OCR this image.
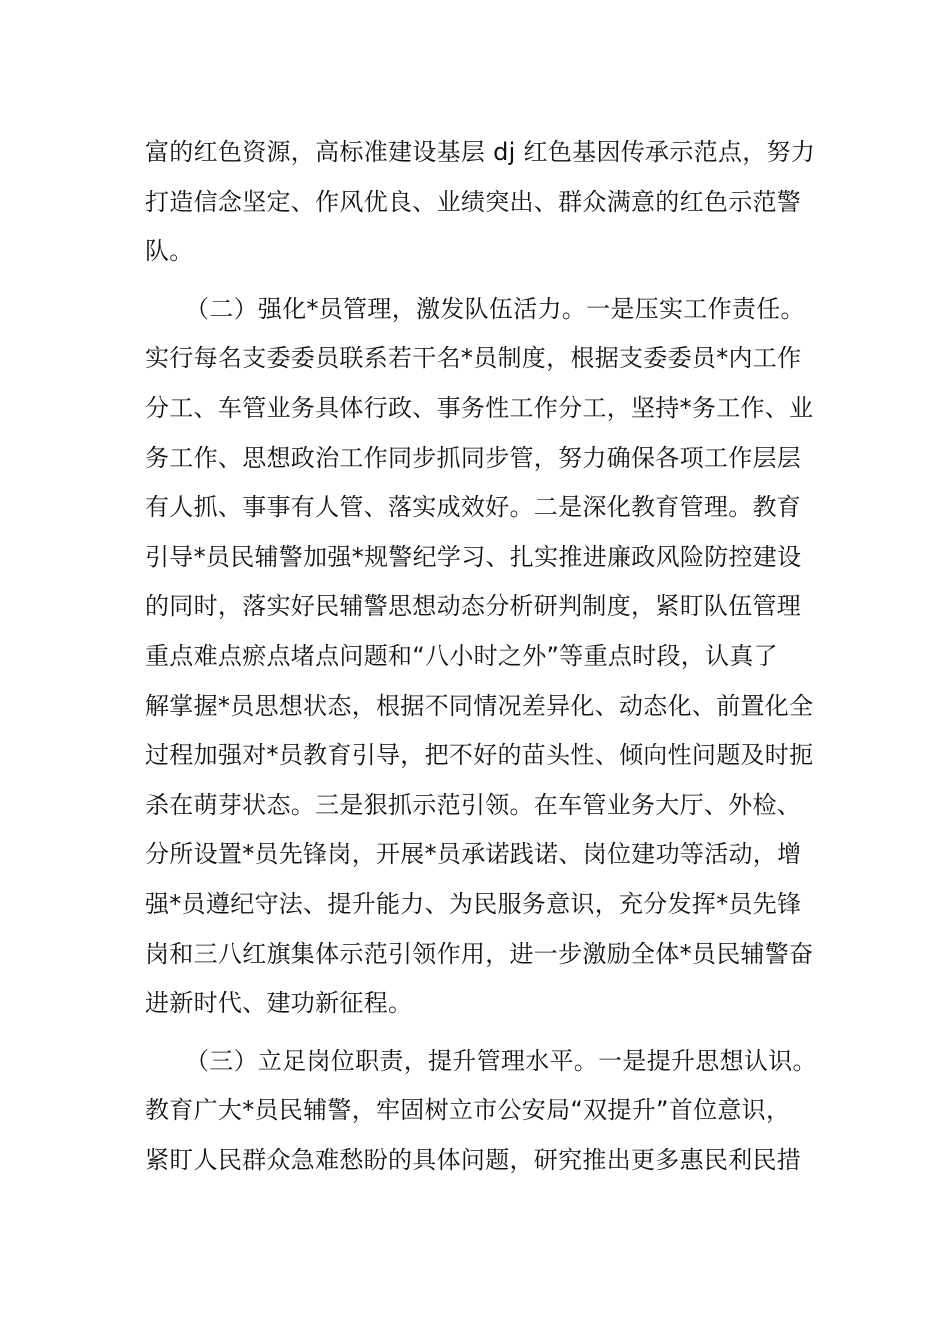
富的红色资源，高标准建设基层 dj 红色基因传承示范点，努力
打造信念坚定、作风优良、业绩突出、群众满意的红色示范警
队。
（二）强化*员管理，激发队伍活力。一是压实工作责任。
实行每名支委委员联系若干名*员制度，根据支委委员*内工作
分工、车管业务具体行政、事务性工作分工，坚持*务工作、业
务工作、思想政治工作同步抓同步管，努力确保各项工作层层
有人抓、事事有人管、落实成效好。二是深化教育管理。教育
引导*员民辅警加强*规警纪学习、扎实推进廉政风险防控建设
的同时，落实好民辅警思想动态分析研判制度，紧盯队伍管理
重点难点瘀点堵点问题和“八小时之外”等重点时段，认真了
解掌握*员思想状态，根据不同情况差异化、动态化、前置化全
过程加强对*员教育引导，把不好的苗头性、倾向性问题及时扼
杀在萌芽状态。三是狠抓示范引领。在车管业务大厅、外检、
分所设置*员先锋岗，开展*员承诺践诺、岗位建功等活动，增
强*员遵纪守法、提升能力、为民服务意识，充分发挥*员先锋
岗和三八红旗集体示范引领作用，进一步激励全体*员民辅警奋
进新时代、建功新征程。
（三）立足岗位职责，提升管理水平。一是提升思想认识。
教育广大*员民辅警，牢固树立市公安局“双提升”首位意识，
紧盯人民群众急难愁盼的具体问题，研究推出更多惠民利民措
